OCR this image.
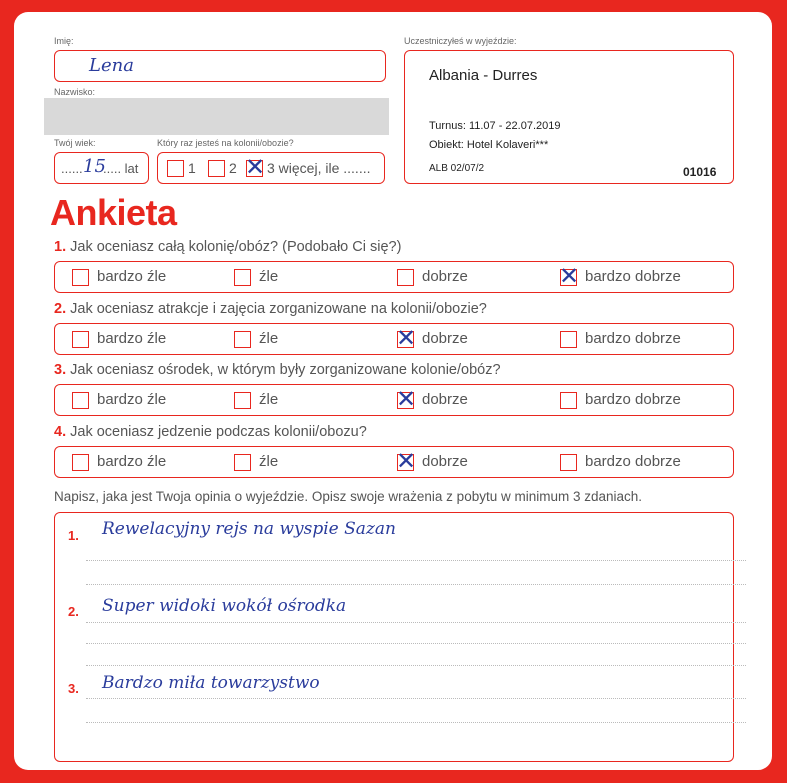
Imię:
Lena
Nazwisko:
Twój wiek:
...... 15
..... lat
Który raz jesteś na kolonii/obozie?
1 2 ✕ 3 więcej, ile .......
Uczestniczyłeś w wyjeździe:
Albania - Durres
Turnus: 11.07 - 22.07.2019
Obiekt: Hotel Kolaveri***
ALB 02/07/2	01016
Ankieta
1. Jak oceniasz całą kolonię/obóz? (Podobało Ci się?)
bardzo źle	źle	dobrze	✕ bardzo dobrze
2. Jak oceniasz atrakcje i zajęcia zorganizowane na kolonii/obozie?
bardzo źle	źle	✕ dobrze	bardzo dobrze
3. Jak oceniasz ośrodek, w którym były zorganizowane kolonie/obóz?
bardzo źle	źle	✕ dobrze	bardzo dobrze
4. Jak oceniasz jedzenie podczas kolonii/obozu?
bardzo źle	źle	✕ dobrze	bardzo dobrze
Napisz, jaka jest Twoja opinia o wyjeździe. Opisz swoje wrażenia z pobytu w minimum 3 zdaniach.
1. Rewelacyjny rejs na wyspie Sazan
2. Super widoki wokół ośrodka
3. Bardzo miła towarzystwo
